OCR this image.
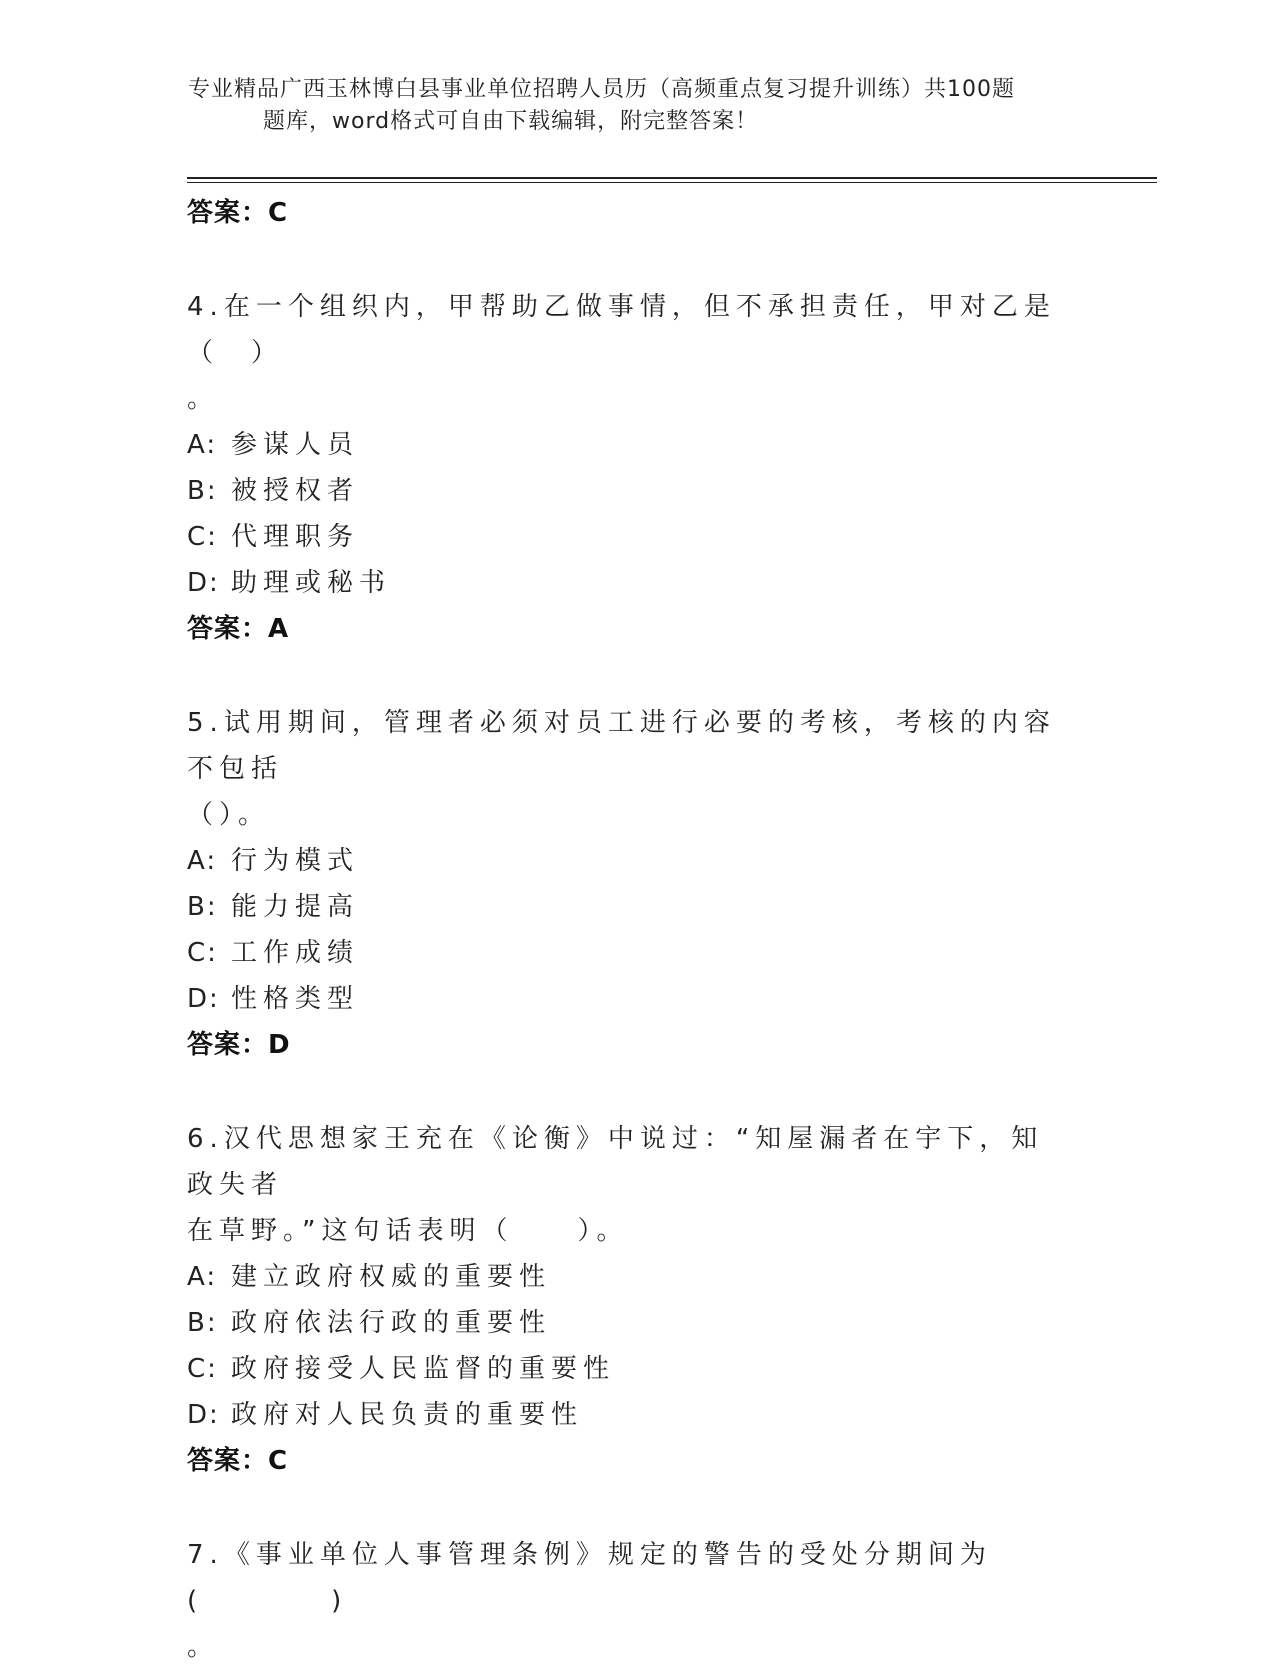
专业精品广西玉林博白县事业单位招聘人员历（高频重点复习提升训练）共100题
题库，word格式可自由下载编辑，附完整答案！
答案：C
4.在一个组织内，甲帮助乙做事情，但不承担责任，甲对乙是（　）
。
A: 参谋人员
B: 被授权者
C: 代理职务
D: 助理或秘书
答案：A
5.试用期间，管理者必须对员工进行必要的考核，考核的内容不包括
（）。
A: 行为模式
B: 能力提高
C: 工作成绩
D: 性格类型
答案：D
6.汉代思想家王充在《论衡》中说过：“知屋漏者在宇下，知政失者
在草野。”这句话表明（　　）。
A: 建立政府权威的重要性
B: 政府依法行政的重要性
C: 政府接受人民监督的重要性
D: 政府对人民负责的重要性
答案：C
7.《事业单位人事管理条例》规定的警告的受处分期间为(　　　　)
。
